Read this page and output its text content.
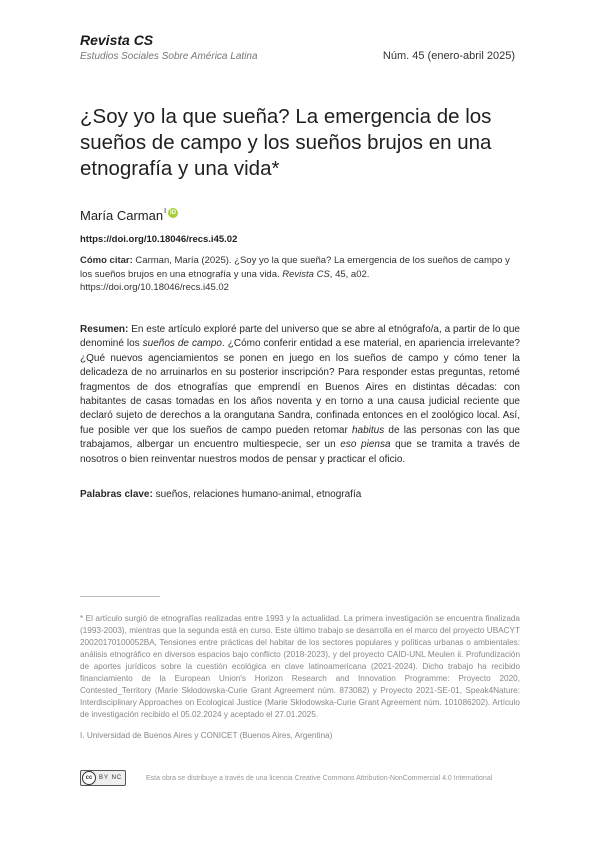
Revista CS
Estudios Sociales Sobre América Latina	Núm. 45 (enero-abril 2025)
¿Soy yo la que sueña? La emergencia de los sueños de campo y los sueños brujos en una etnografía y una vida*
María Carman$^I$ iD
https://doi.org/10.18046/recs.i45.02
Cómo citar: Carman, María (2025). ¿Soy yo la que sueña? La emergencia de los sueños de campo y los sueños brujos en una etnografía y una vida. Revista CS, 45, a02. https://doi.org/10.18046/recs.i45.02
Resumen: En este artículo exploré parte del universo que se abre al etnógrafo/a, a partir de lo que denominé los sueños de campo. ¿Cómo conferir entidad a ese material, en apariencia irrelevante? ¿Qué nuevos agenciamientos se ponen en juego en los sueños de campo y cómo tener la delicadeza de no arruinarlos en su posterior inscripción? Para responder estas preguntas, retomé fragmentos de dos etnografías que emprendí en Buenos Aires en distintas décadas: con habitantes de casas tomadas en los años noventa y en torno a una causa judicial reciente que declaró sujeto de derechos a la orangutana Sandra, confinada entonces en el zoológico local. Así, fue posible ver que los sueños de campo pueden retomar habitus de las personas con las que trabajamos, albergar un encuentro multiespecie, ser un eso piensa que se tramita a través de nosotros o bien reinventar nuestros modos de pensar y practicar el oficio.
Palabras clave: sueños, relaciones humano-animal, etnografía
* El artículo surgió de etnografías realizadas entre 1993 y la actualidad. La primera investigación se encuentra finalizada (1993-2003), mientras que la segunda está en curso. Este último trabajo se desarrolla en el marco del proyecto UBACYT 20020170100052BA, Tensiones entre prácticas del habitar de los sectores populares y políticas urbanas o ambientales: análisis etnográfico en diversos espacios bajo conflicto (2018-2023), y del proyecto CAID-UNL Meulen ii. Profundización de aportes jurídicos sobre la cuestión ecológica en clave latinoamericana (2021-2024). Dicho trabajo ha recibido financiamiento de la European Union's Horizon Research and Innovation Programme: Proyecto 2020, Contested_Territory (Marie Skłodowska-Curie Grant Agreement núm. 873082) y Proyecto 2021-SE-01, Speak4Nature: Interdisciplinary Approaches on Ecological Justice (Marie Skłodowska-Curie Grant Agreement núm. 101086202). Artículo de investigación recibido el 05.02.2024 y aceptado el 27.01.2025.
I. Universidad de Buenos Aires y CONICET (Buenos Aires, Argentina)
cc	BY NC	Esta obra se distribuye a través de una licencia Creative Commons Attribution-NonCommercial 4.0 International
